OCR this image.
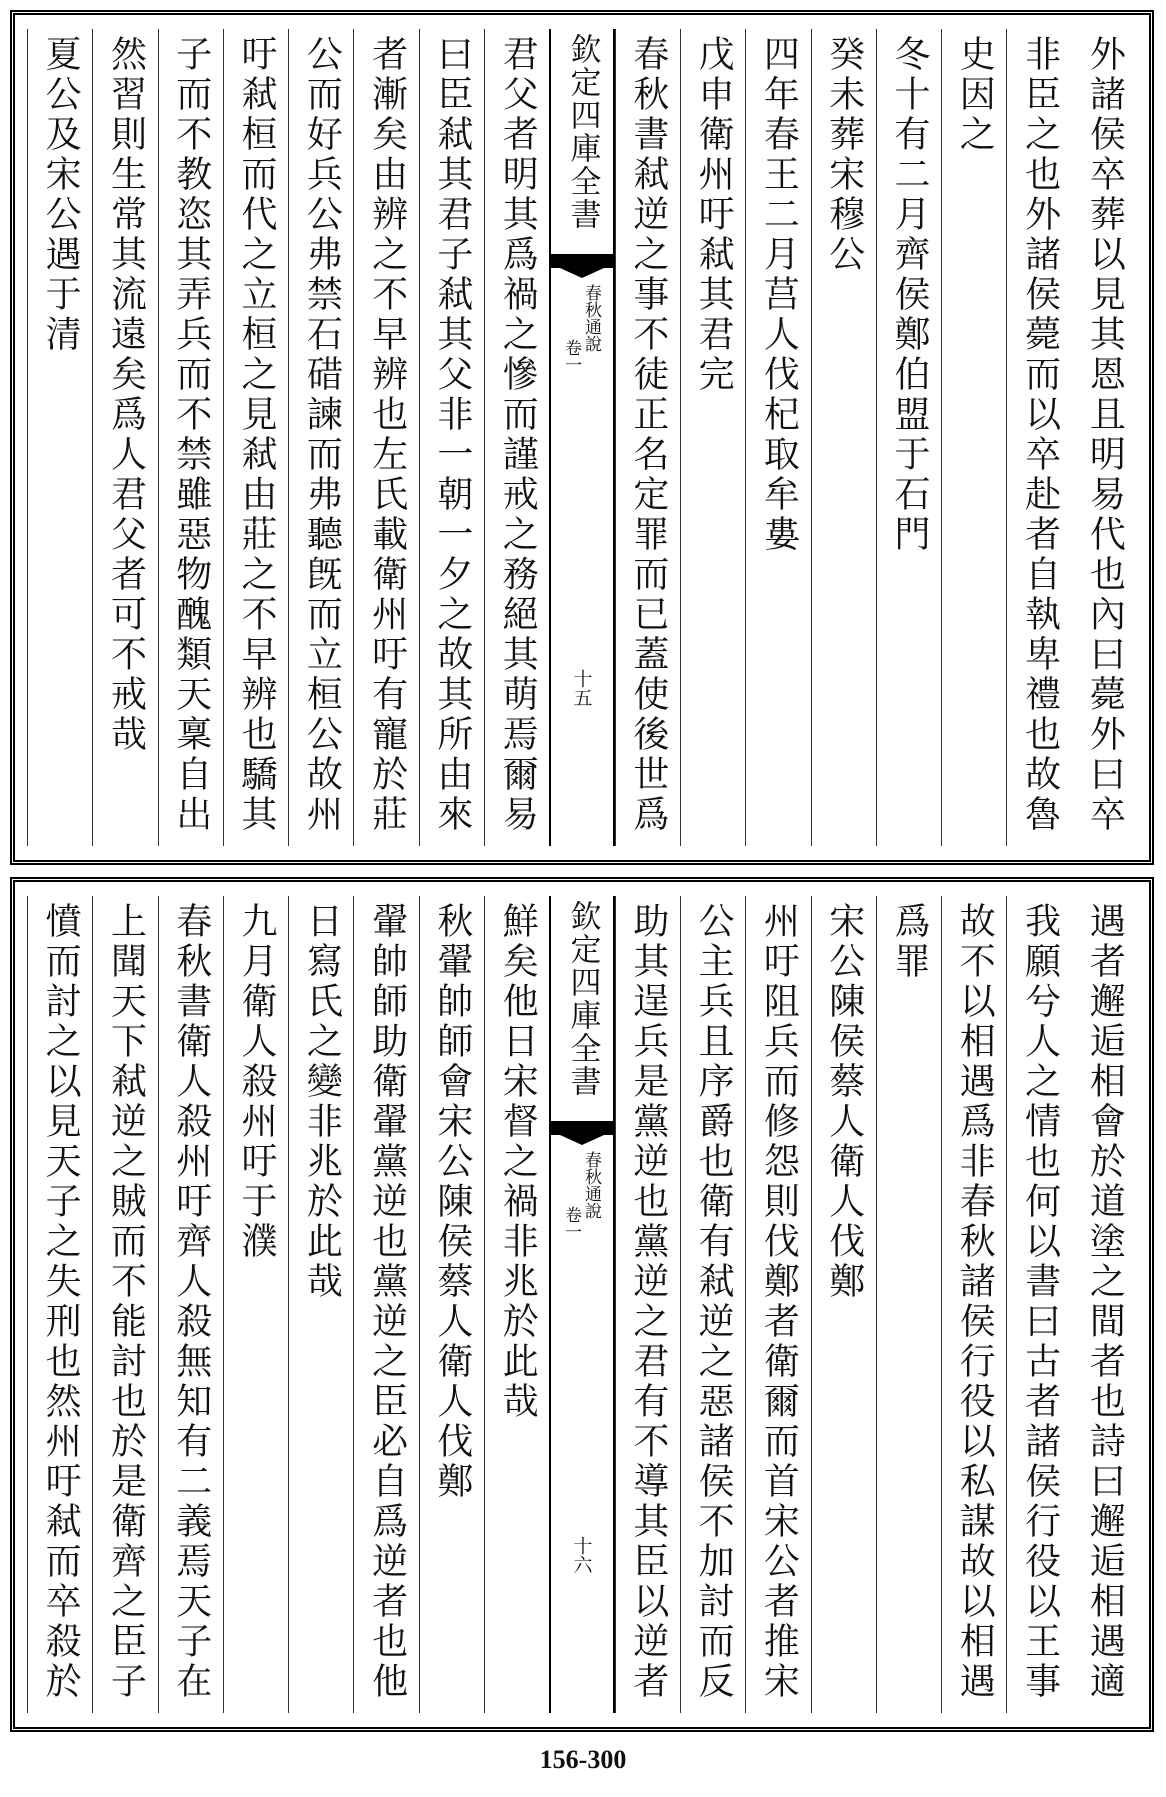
外諸侯卒葬以見其恩且明易代也內曰薨外曰卒
非臣之也外諸侯薨而以卒赴者自執卑禮也故魯
史因之
冬十有二月齊侯鄭伯盟于石門
癸未葬宋穆公
四年春王二月莒人伐杞取牟婁
戊申衛州吁弒其君完
春秋書弒逆之事不徒正名定罪而已蓋使後世爲
欽定四庫全書
春秋通說
卷一
十五
君父者明其爲禍之慘而謹戒之務絕其萌焉爾易
曰臣弒其君子弒其父非一朝一夕之故其所由來
者漸矣由辨之不早辨也左氏載衛州吁有寵於莊
公而好兵公弗禁石碏諫而弗聽旣而立桓公故州
吁弒桓而代之立桓之見弒由莊之不早辨也驕其
子而不教恣其弄兵而不禁雖惡物醜類天稟自出
然習則生常其流遠矣爲人君父者可不戒哉
夏公及宋公遇于清
遇者邂逅相會於道塗之間者也詩曰邂逅相遇適
我願兮人之情也何以書曰古者諸侯行役以王事
故不以相遇爲非春秋諸侯行役以私謀故以相遇
爲罪
宋公陳侯蔡人衛人伐鄭
州吁阻兵而修怨則伐鄭者衛爾而首宋公者推宋
公主兵且序爵也衛有弒逆之惡諸侯不加討而反
助其逞兵是黨逆也黨逆之君有不導其臣以逆者
欽定四庫全書
春秋通說
卷一
十六
鮮矣他日宋督之禍非兆於此哉
秋翬帥師會宋公陳侯蔡人衛人伐鄭
翬帥師助衛翬黨逆也黨逆之臣必自爲逆者也他
日寫氏之變非兆於此哉
九月衛人殺州吁于濮
春秋書衛人殺州吁齊人殺無知有二義焉天子在
上聞天下弒逆之賊而不能討也於是衛齊之臣子
憤而討之以見天子之失刑也然州吁弒而卒殺於
156-300
